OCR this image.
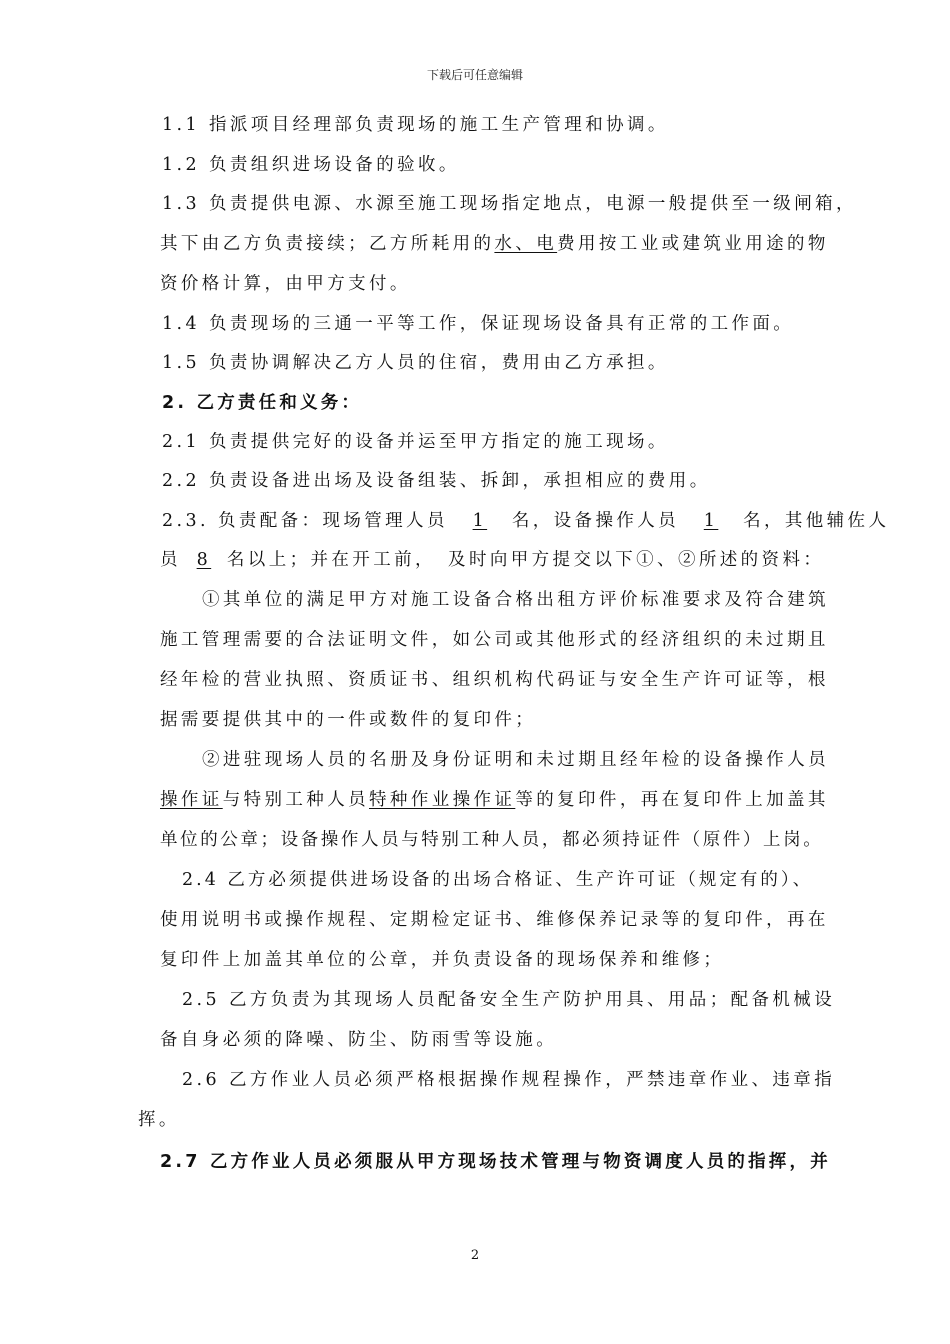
下载后可任意编辑
1.1 指派项目经理部负责现场的施工生产管理和协调。
1.2 负责组织进场设备的验收。
1.3 负责提供电源、水源至施工现场指定地点，电源一般提供至一级闸箱，
其下由乙方负责接续；乙方所耗用的水、电费用按工业或建筑业用途的物
资价格计算，由甲方支付。
1.4 负责现场的三通一平等工作，保证现场设备具有正常的工作面。
1.5 负责协调解决乙方人员的住宿，费用由乙方承担。
2. 乙方责任和义务：
2.1 负责提供完好的设备并运至甲方指定的施工现场。
2.2 负责设备进出场及设备组装、拆卸，承担相应的费用。
2.3. 负责配备：现场管理人员 1 名，设备操作人员 1 名，其他辅佐人
员 8 名以上；并在开工前，　及时向甲方提交以下①、②所述的资料：
①其单位的满足甲方对施工设备合格出租方评价标准要求及符合建筑
施工管理需要的合法证明文件，如公司或其他形式的经济组织的未过期且
经年检的营业执照、资质证书、组织机构代码证与安全生产许可证等，根
据需要提供其中的一件或数件的复印件；
②进驻现场人员的名册及身份证明和未过期且经年检的设备操作人员
操作证与特别工种人员特种作业操作证等的复印件，再在复印件上加盖其
单位的公章；设备操作人员与特别工种人员，都必须持证件（原件）上岗。
2.4 乙方必须提供进场设备的出场合格证、生产许可证（规定有的）、
使用说明书或操作规程、定期检定证书、维修保养记录等的复印件，再在
复印件上加盖其单位的公章，并负责设备的现场保养和维修；
2.5 乙方负责为其现场人员配备安全生产防护用具、用品；配备机械设
备自身必须的降噪、防尘、防雨雪等设施。
2.6 乙方作业人员必须严格根据操作规程操作，严禁违章作业、违章指
挥。
2.7 乙方作业人员必须服从甲方现场技术管理与物资调度人员的指挥，并
2
